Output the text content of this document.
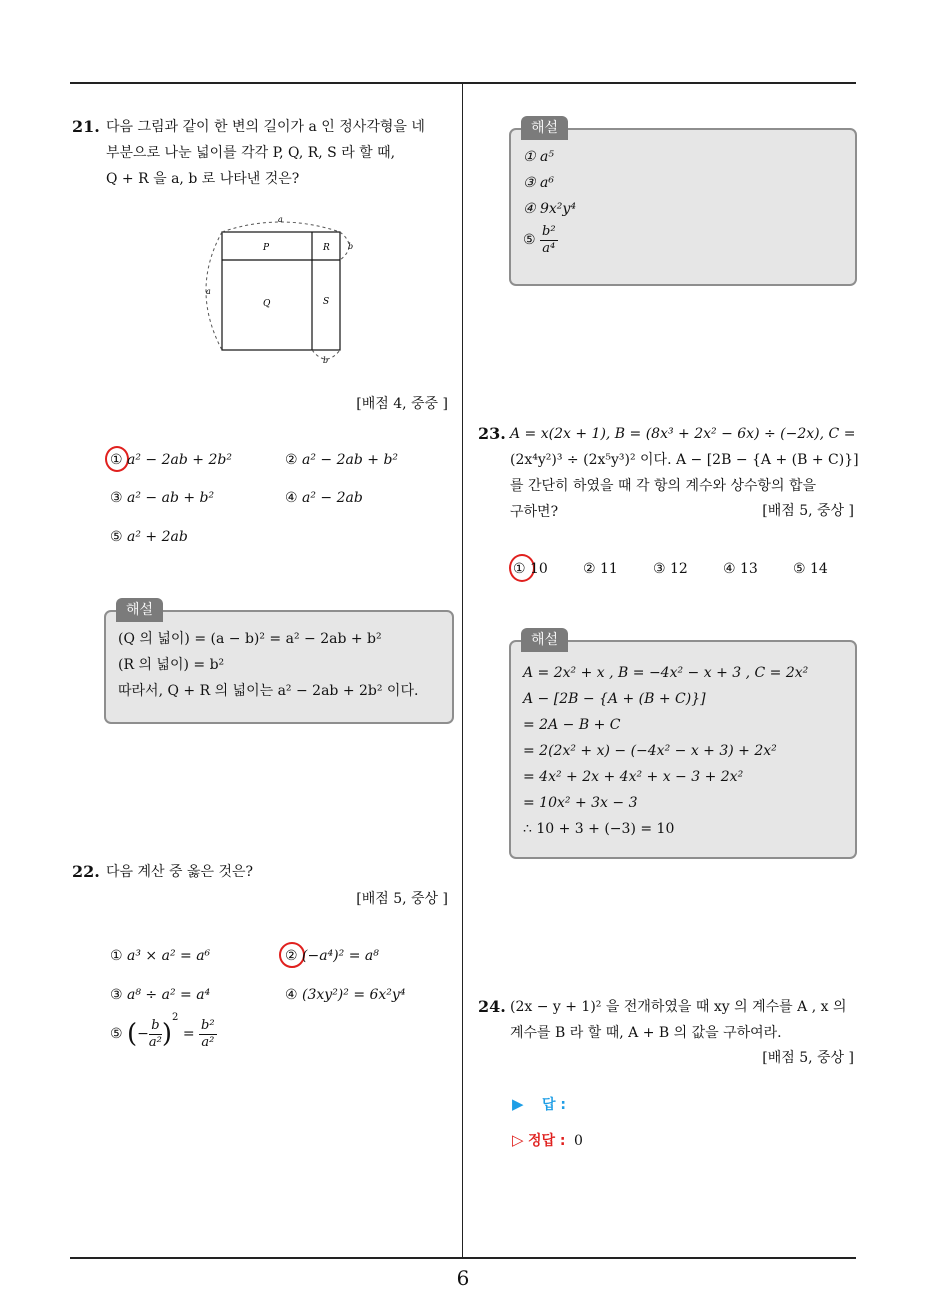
6
21. 다음 그림과 같이 한 변의 길이가 a 인 정사각형을 네
부분으로 나눈 넓이를 각각 P, Q, R, S 라 할 때,
Q + R 을 a, b 로 나타낸 것은?
a
a
b
b
P	R
Q	S
[배점 4, 중중 ]
① a² − 2ab + 2b²	② a² − 2ab + b²
③ a² − ab + b²	④ a² − 2ab
⑤ a² + 2ab
해설
(Q 의 넓이) = (a − b)² = a² − 2ab + b²
(R 의 넓이) = b²
따라서, Q + R 의 넓이는 a² − 2ab + 2b² 이다.
22. 다음 계산 중 옳은 것은?
[배점 5, 중상 ]
① a³ × a² = a⁶	② (−a⁴)² = a⁸
③ a⁸ ÷ a² = a⁴	④ (3xy²)² = 6x²y⁴
⑤ (− $\frac{b}{\text{a²}} )^2 = \frac{\text{b²}}{\text{a²}}$
해설
① a⁵
③ a⁶
④ 9x²y⁴
⑤ $\frac{\text{b²}}{\text{a⁴}}$
23. A = x(2x + 1), B = (8x³ + 2x² − 6x) ÷ (−2x), C =
(2x⁴y²)³ ÷ (2x⁵y³)² 이다. A − [2B − {A + (B + C)}]
를 간단히 하였을 때 각 항의 계수와 상수항의 합을
구하면?	[배점 5, 중상 ]
① 10	② 11	③ 12	④ 13	⑤ 14
해설
A = 2x² + x , B = −4x² − x + 3 , C = 2x²
A − [2B − {A + (B + C)}]
= 2A − B + C
= 2(2x² + x) − (−4x² − x + 3) + 2x²
= 4x² + 2x + 4x² + x − 3 + 2x²
= 10x² + 3x − 3
∴ 10 + 3 + (−3) = 10
24. (2x − y + 1)² 을 전개하였을 때 xy 의 계수를 A , x 의
계수를 B 라 할 때, A + B 의 값을 구하여라.
[배점 5, 중상 ]
▶ 답 :
▷ 정답 : 0
